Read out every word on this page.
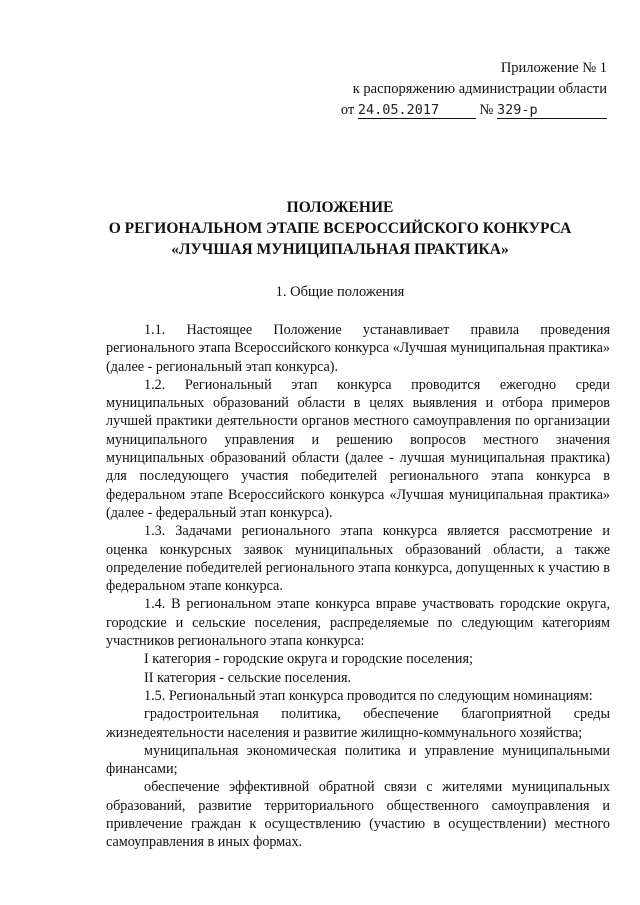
Приложение № 1
к распоряжению администрации области
от 24.05.2017	№ 329-р
ПОЛОЖЕНИЕ
О РЕГИОНАЛЬНОМ ЭТАПЕ ВСЕРОССИЙСКОГО КОНКУРСА
«ЛУЧШАЯ МУНИЦИПАЛЬНАЯ ПРАКТИКА»
1. Общие положения

1.1. Настоящее Положение устанавливает правила проведения регионального этапа Всероссийского конкурса «Лучшая муниципальная практика» (далее - региональный этап конкурса).

1.2. Региональный этап конкурса проводится ежегодно среди муниципальных образований области в целях выявления и отбора примеров лучшей практики деятельности органов местного самоуправления по организации муниципального управления и решению вопросов местного значения муниципальных образований области (далее - лучшая муниципальная практика) для последующего участия победителей регионального этапа конкурса в федеральном этапе Всероссийского конкурса «Лучшая муниципальная практика» (далее - федеральный этап конкурса).

1.3. Задачами регионального этапа конкурса является рассмотрение и оценка конкурсных заявок муниципальных образований области, а также определение победителей регионального этапа конкурса, допущенных к участию в федеральном этапе конкурса.

1.4. В региональном этапе конкурса вправе участвовать городские округа, городские и сельские поселения, распределяемые по следующим категориям участников регионального этапа конкурса:

I категория - городские округа и городские поселения;

II категория - сельские поселения.

1.5. Региональный этап конкурса проводится по следующим номинациям:

градостроительная политика, обеспечение благоприятной среды жизнедеятельности населения и развитие жилищно-коммунального хозяйства;

муниципальная экономическая политика и управление муниципальными финансами;

обеспечение эффективной обратной связи с жителями муниципальных образований, развитие территориального общественного самоуправления и привлечение граждан к осуществлению (участию в осуществлении) местного самоуправления в иных формах.
